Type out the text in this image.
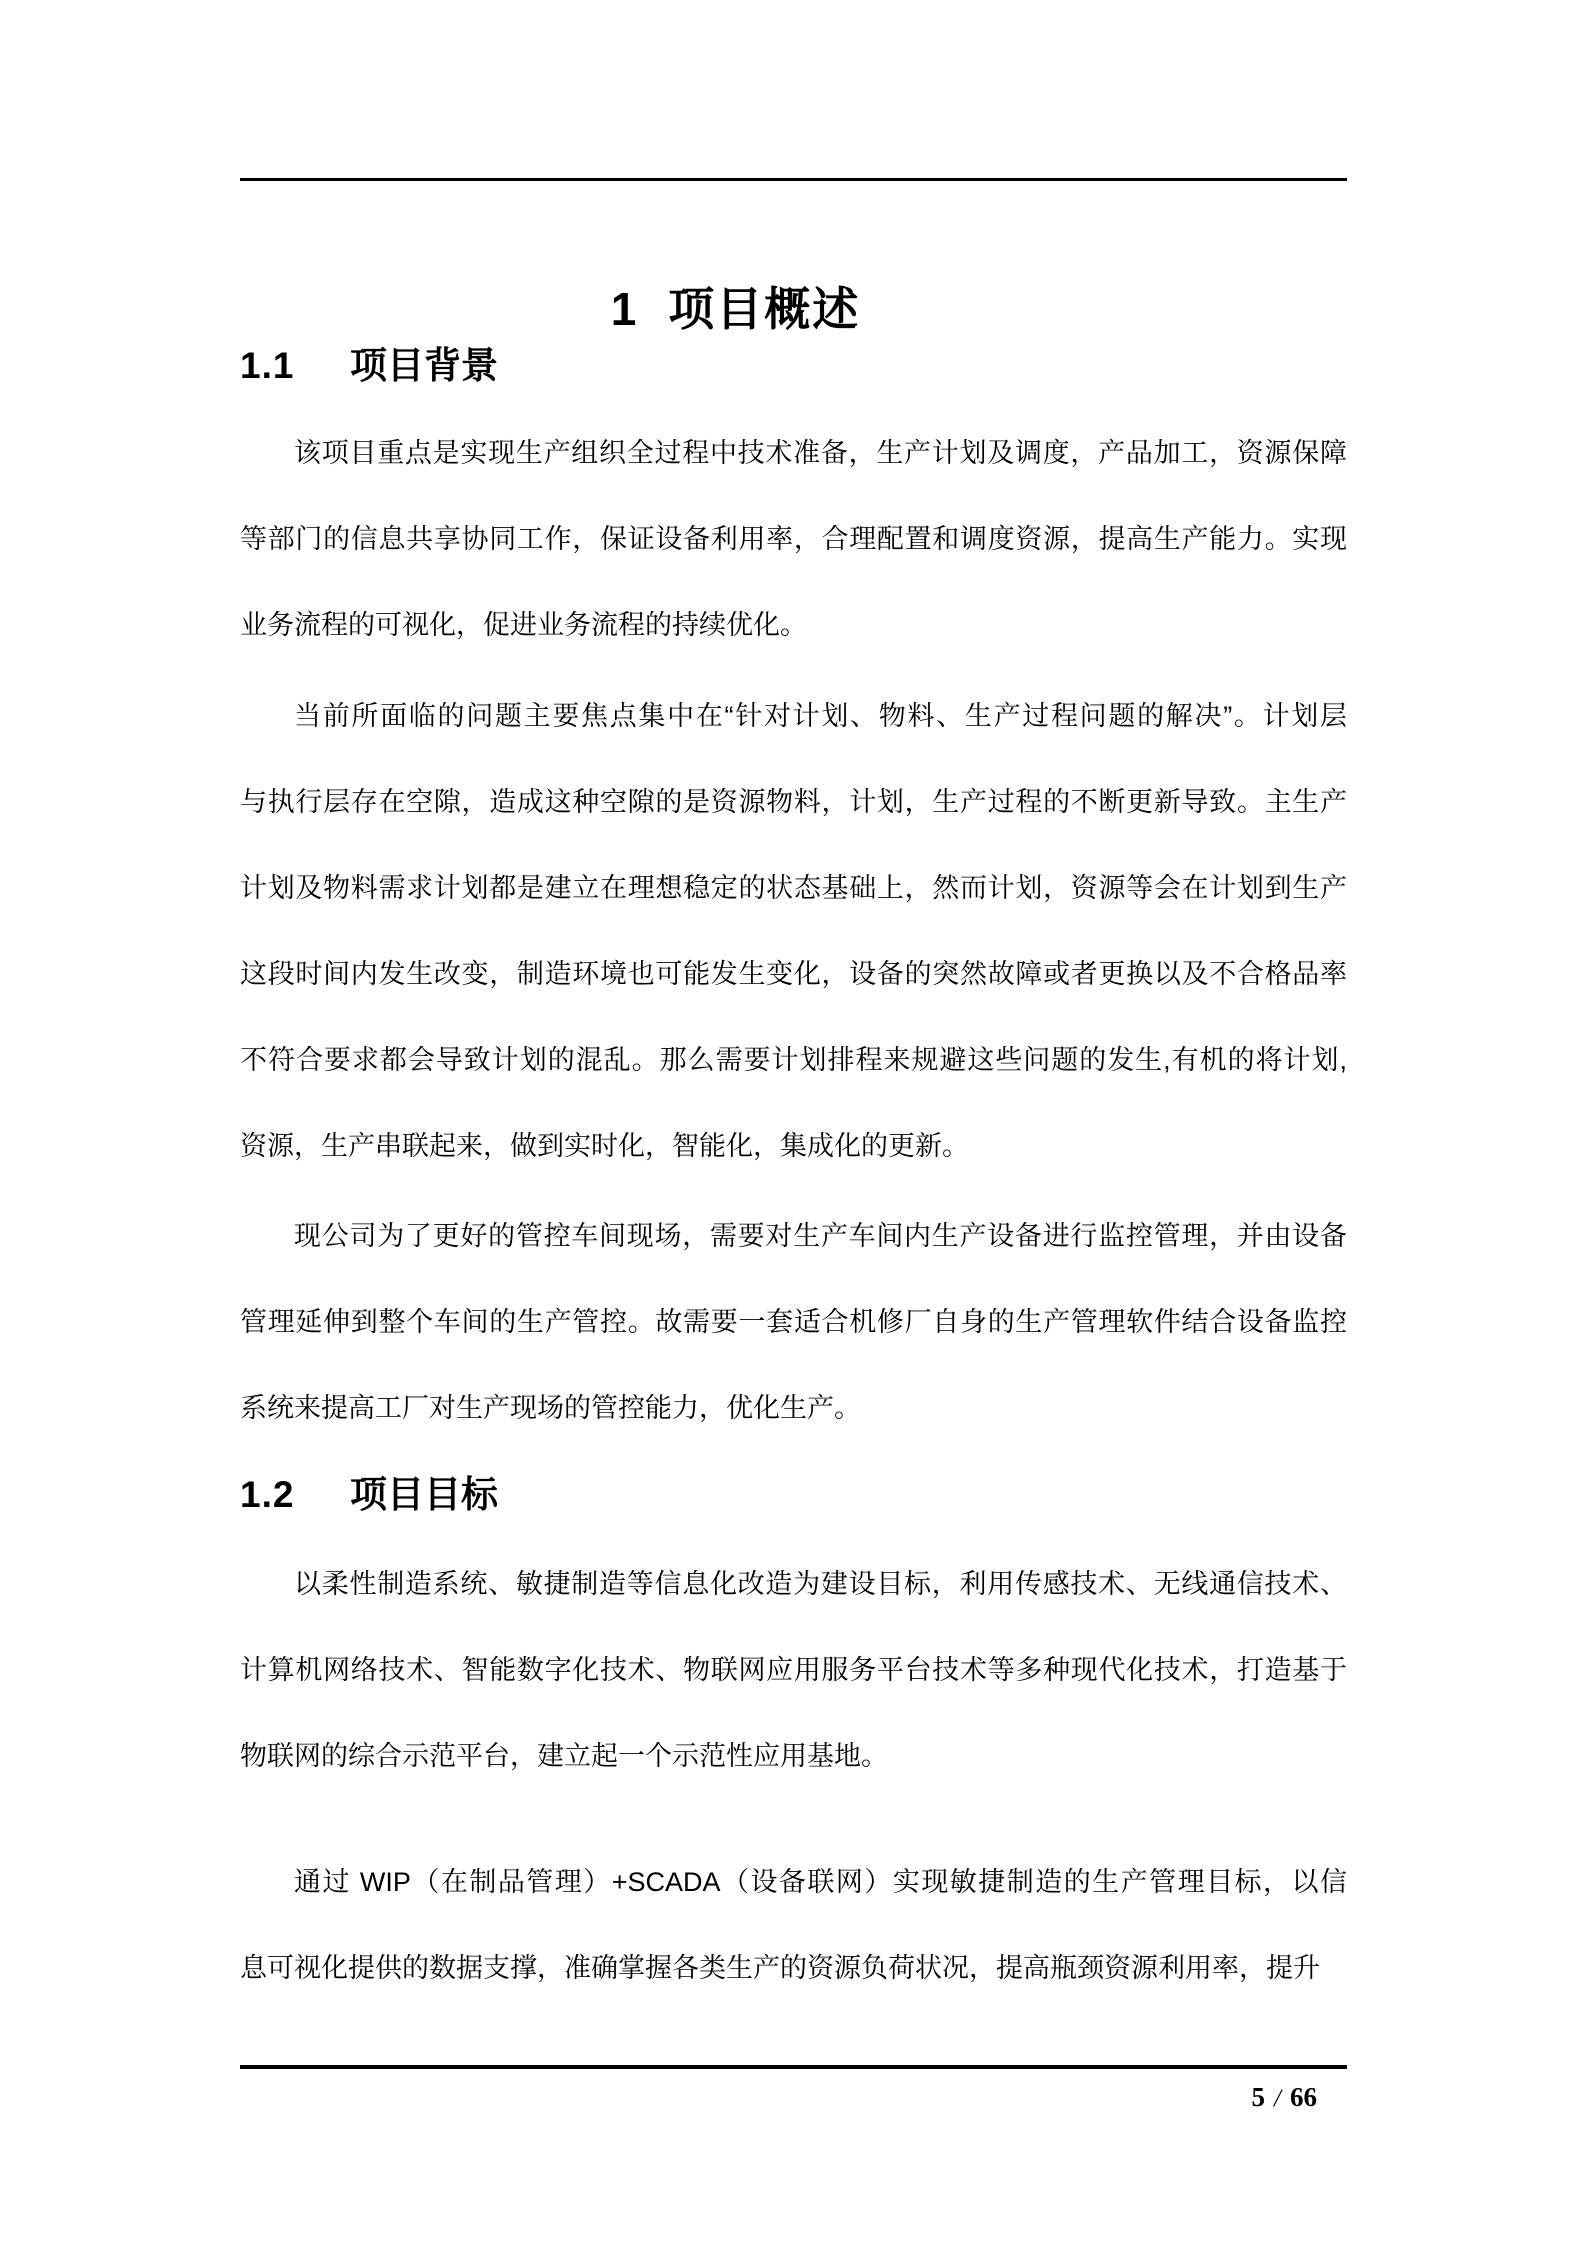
1 项目概述
1.1	项目背景
该项目重点是实现生产组织全过程中技术准备，生产计划及调度，产品加工，资源保障
等部门的信息共享协同工作，保证设备利用率，合理配置和调度资源，提高生产能力。实现
业务流程的可视化，促进业务流程的持续优化。
当前所面临的问题主要焦点集中在“针对计划、物料、生产过程问题的解决”。计划层
与执行层存在空隙，造成这种空隙的是资源物料，计划，生产过程的不断更新导致。主生产
计划及物料需求计划都是建立在理想稳定的状态基础上，然而计划，资源等会在计划到生产
这段时间内发生改变，制造环境也可能发生变化，设备的突然故障或者更换以及不合格品率
不符合要求都会导致计划的混乱。那么需要计划排程来规避这些问题的发生,有机的将计划,
资源，生产串联起来，做到实时化，智能化，集成化的更新。
现公司为了更好的管控车间现场，需要对生产车间内生产设备进行监控管理，并由设备
管理延伸到整个车间的生产管控。故需要一套适合机修厂自身的生产管理软件结合设备监控
系统来提高工厂对生产现场的管控能力，优化生产。
1.2	项目目标
以柔性制造系统、敏捷制造等信息化改造为建设目标，利用传感技术、无线通信技术、
计算机网络技术、智能数字化技术、物联网应用服务平台技术等多种现代化技术，打造基于
物联网的综合示范平台，建立起一个示范性应用基地。
通过 WIP（在制品管理）+SCADA（设备联网）实现敏捷制造的生产管理目标，以信
息可视化提供的数据支撑，准确掌握各类生产的资源负荷状况，提高瓶颈资源利用率，提升
5 / 66
